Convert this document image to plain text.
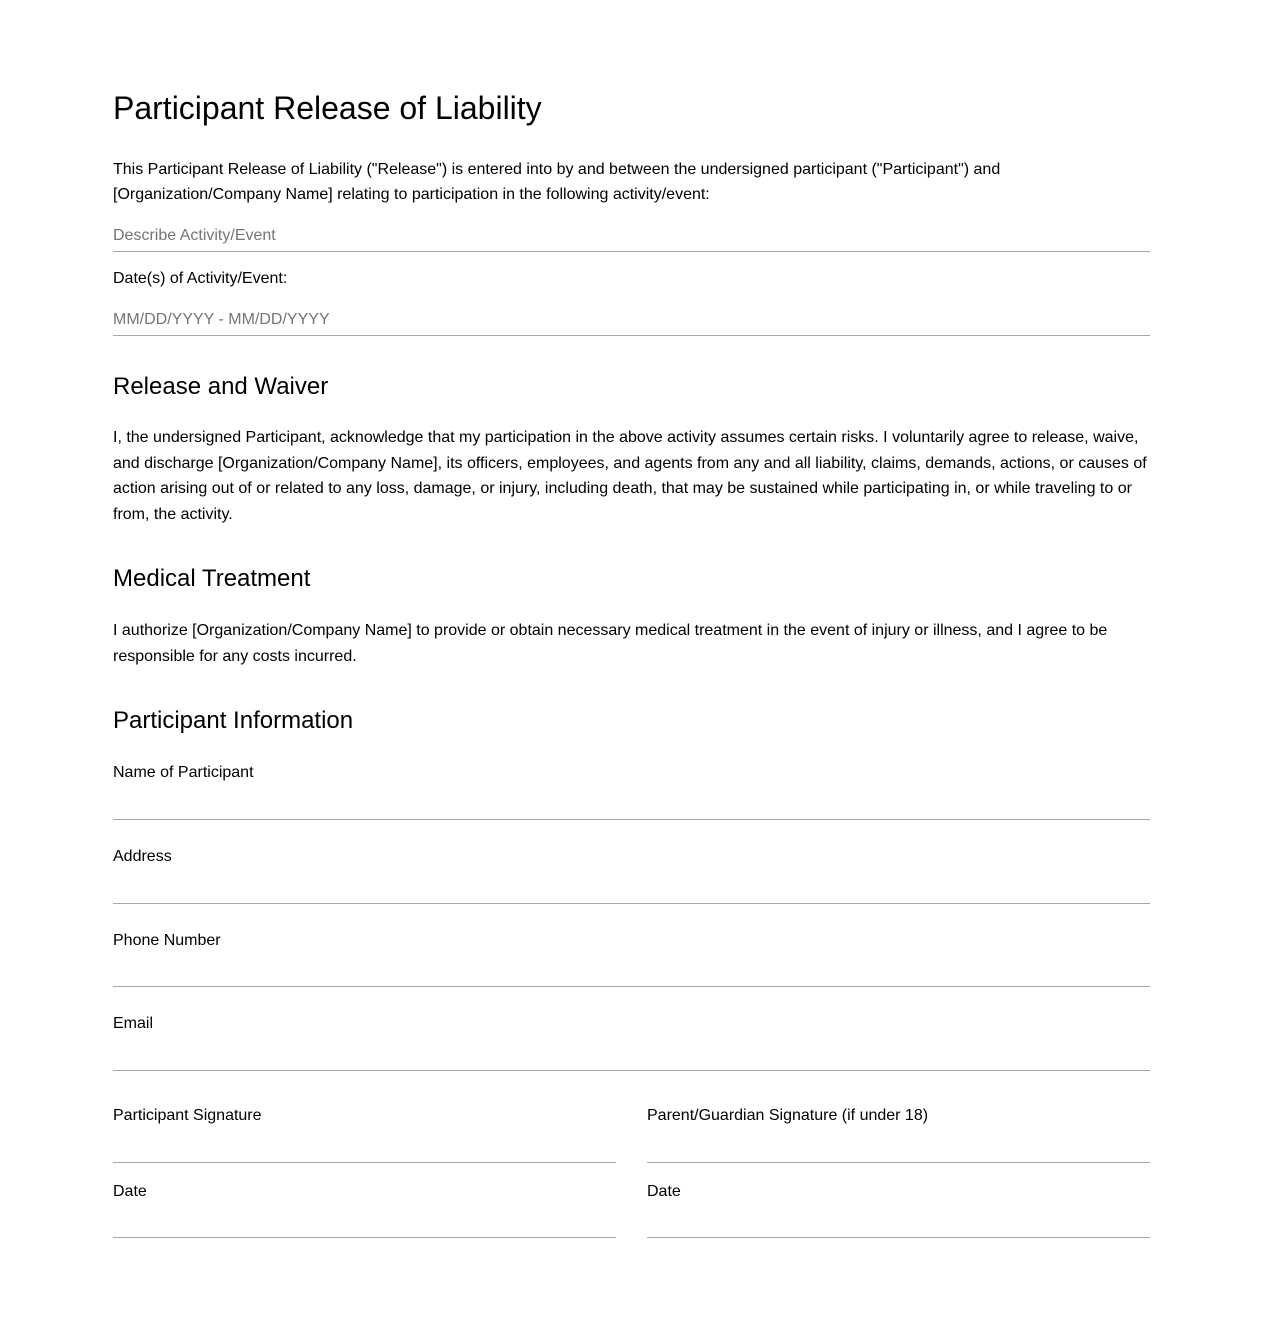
Participant Release of Liability

This Participant Release of Liability ("Release") is entered into by and between the undersigned participant ("Participant") and [Organization/Company Name] relating to participation in the following activity/event:

Describe Activity/Event

Date(s) of Activity/Event:

MM/DD/YYYY - MM/DD/YYYY
Release and Waiver

I, the undersigned Participant, acknowledge that my participation in the above activity assumes certain risks. I voluntarily agree to release, waive, and discharge [Organization/Company Name], its officers, employees, and agents from any and all liability, claims, demands, actions, or causes of action arising out of or related to any loss, damage, or injury, including death, that may be sustained while participating in, or while traveling to or from, the activity.

Medical Treatment

I authorize [Organization/Company Name] to provide or obtain necessary medical treatment in the event of injury or illness, and I agree to be responsible for any costs incurred.

Participant Information

Name of Participant

Address

Phone Number

Email

Participant Signature	Parent/Guardian Signature (if under 18)

Date	Date
